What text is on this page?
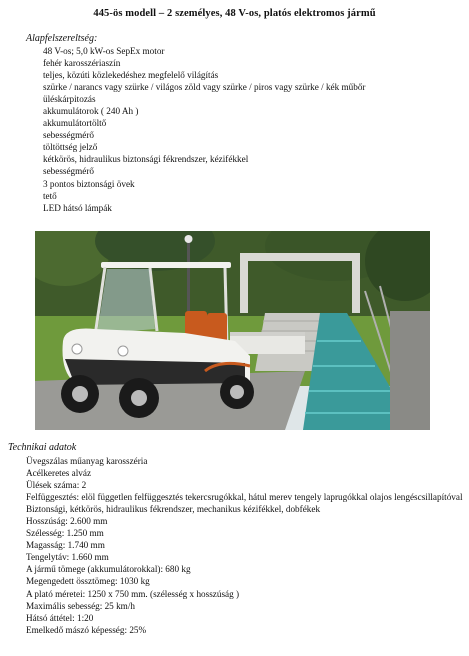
445-ös modell – 2 személyes, 48 V-os, platós elektromos jármű
Alapfelszereltség:
48 V-os; 5,0 kW-os SepEx motor
fehér karosszériaszín
teljes, közúti közlekedéshez megfelelő világítás
szürke / narancs vagy szürke / világos zöld vagy szürke / piros vagy szürke / kék műbőr
üléskárpitozás
akkumulátorok ( 240 Ah )
akkumulátortöltő
sebességmérő
töltöttség jelző
kétkörös, hidraulikus biztonsági fékrendszer, kézifékkel
sebességmérő
3 pontos biztonsági övek
tető
LED hátsó lámpák
Technikai adatok
Üvegszálas műanyag karosszéria
Acélkeretes alváz
Ülések száma: 2
Felfüggesztés: elöl független felfüggesztés tekercsrugókkal, hátul merev tengely laprugókkal olajos lengéscsillapítóval
Biztonsági, kétkörös, hidraulikus fékrendszer, mechanikus kézifékkel, dobfékek
Hosszúság: 2.600 mm
Szélesség: 1.250 mm
Magasság: 1.740 mm
Tengelytáv: 1.660 mm
A jármű tömege (akkumulátorokkal): 680 kg
Megengedett össztömeg: 1030 kg
A plató méretei: 1250 x 750 mm. (szélesség x hosszúság )
Maximális sebesség: 25 km/h
Hátsó áttétel: 1:20
Emelkedő mászó képesség: 25%
